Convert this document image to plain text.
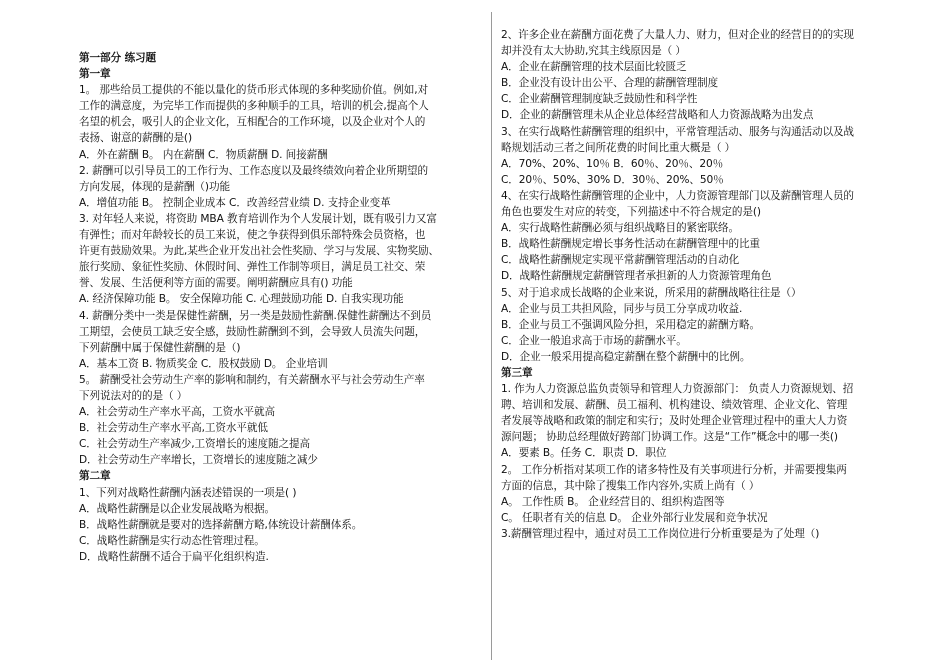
第一部分 练习题
第一章
1。 那些给员工提供的不能以量化的货币形式体现的多种奖励价值。例如,对
工作的满意度，为完毕工作而提供的多种顺手的工具，培训的机会,提高个人
名望的机会，吸引人的企业文化，互相配合的工作环境，以及企业对个人的
表扬、谢意的薪酬的是()
A．外在薪酬 B。 内在薪酬 C．物质薪酬 D. 间接薪酬
2. 薪酬可以引导员工的工作行为、工作态度以及最终绩效向着企业所期望的
方向发展，体现的是薪酬（)功能
A．增值功能 B。 控制企业成本 C．改善经营业绩 D. 支持企业变革
3. 对年轻人来说，将资助 MBA 教育培训作为个人发展计划，既有吸引力又富
有弹性；而对年龄较长的员工来说，使之争获得到俱乐部特殊会员资格，也
许更有鼓励效果。为此,某些企业开发出社会性奖励、学习与发展、实物奖励、
旅行奖励、象征性奖励、休假时间、弹性工作制等项目，满足员工社交、荣
誉、发展、生活便利等方面的需要。阐明薪酬应具有() 功能
A. 经济保障功能 B。 安全保障功能 C. 心理鼓励功能 D. 自我实现功能
4. 薪酬分类中一类是保健性薪酬，另一类是鼓励性薪酬.保健性薪酬达不到员
工期望，会使员工缺乏安全感，鼓励性薪酬到不到，会导致人员流失问题，
下列薪酬中属于保健性薪酬的是（)
A．基本工资 B. 物质奖金 C．股权鼓励 D。 企业培训
5。 薪酬受社会劳动生产率的影响和制约，有关薪酬水平与社会劳动生产率
下列说法对的的是（ ）
A．社会劳动生产率水平高，工资水平就高
B．社会劳动生产率水平高,工资水平就低
C．社会劳动生产率减少,工资增长的速度随之提高
D．社会劳动生产率增长，工资增长的速度随之减少
第二章
1、下列对战略性薪酬内涵表述错误的一项是( )
A．战略性薪酬是以企业发展战略为根据。
B．战略性薪酬就是要对的选择薪酬方略,体统设计薪酬体系。
C．战略性薪酬是实行动态性管理过程。
D．战略性薪酬不适合于扁平化组织构造.
2、许多企业在薪酬方面花费了大量人力、财力，但对企业的经营目的的实现
却并没有太大协助,究其主线原因是（ ）
A．企业在薪酬管理的技术层面比较匮乏
B．企业没有设计出公平、合理的薪酬管理制度
C．企业薪酬管理制度缺乏鼓励性和科学性
D．企业的薪酬管理未从企业总体经营战略和人力资源战略为出发点
3、在实行战略性薪酬管理的组织中，平常管理活动、服务与沟通活动以及战
略规划活动三者之间所花费的时间比重大概是（ ）
A．70%、20%、10％ B．60％、20％、20％
C．20％、50%、30% D．30％、20%、50％
4、在实行战略性薪酬管理的企业中，人力资源管理部门以及薪酬管理人员的
角色也要发生对应的转变，下列描述中不符合规定的是()
A．实行战略性薪酬必须与组织战略目的紧密联络。
B．战略性薪酬规定增长事务性活动在薪酬管理中的比重
C．战略性薪酬规定实现平常薪酬管理活动的自动化
D．战略性薪酬规定薪酬管理者承担新的人力资源管理角色
5、对于追求成长战略的企业来说，所采用的薪酬战略往往是（）
A．企业与员工共担风险，同步与员工分享成功收益.
B．企业与员工不强调风险分担，采用稳定的薪酬方略。
C．企业一般追求高于市场的薪酬水平。
D．企业一般采用提高稳定薪酬在整个薪酬中的比例。
第三章
1. 作为人力资源总监负责领导和管理人力资源部门： 负责人力资源规划、招
聘、培训和发展、薪酬、员工福利、机构建设、绩效管理、企业文化、管理
者发展等战略和政策的制定和实行；及时处理企业管理过程中的重大人力资
源问题； 协助总经理做好跨部门协调工作。这是“工作”概念中的哪一类()
A．要素 B。任务 C．职责 D．职位
2。 工作分析指对某项工作的诸多特性及有关事项进行分析，并需要搜集两
方面的信息，其中除了搜集工作内容外,实质上尚有（ ）
A。 工作性质 B。 企业经营目的、组织构造图等
C。 任职者有关的信息 D。 企业外部行业发展和竞争状况
3.薪酬管理过程中，通过对员工工作岗位进行分析重要是为了处理（)
